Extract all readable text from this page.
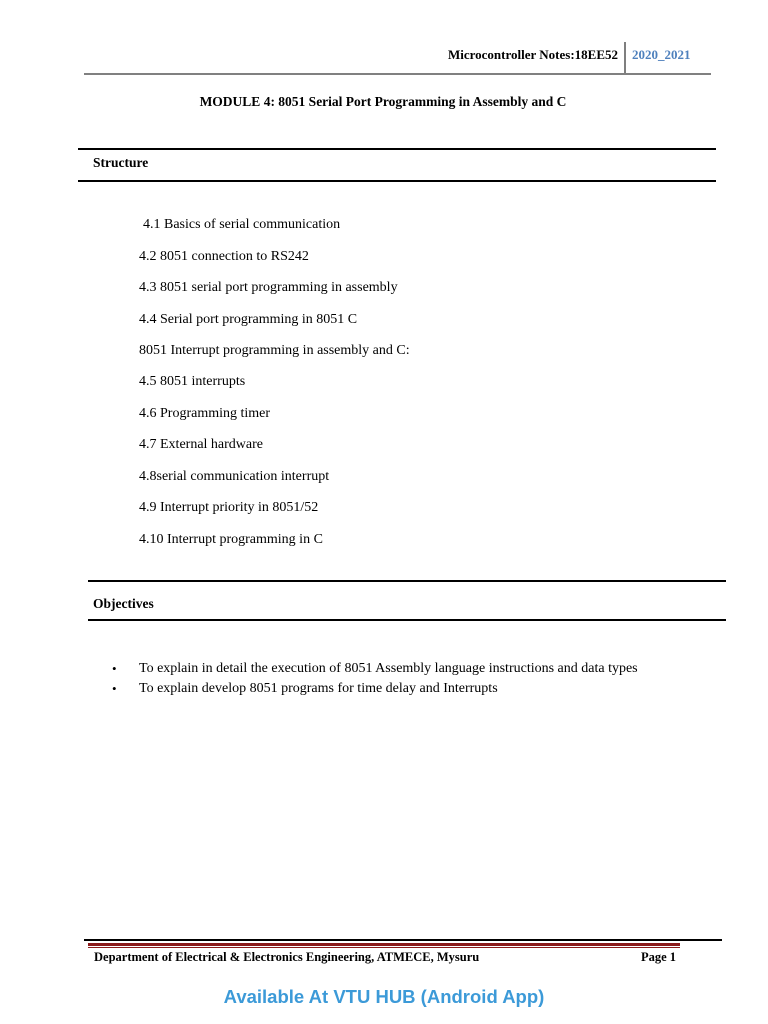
Microcontroller Notes:18EE52 2020_2021
MODULE 4: 8051 Serial Port Programming in Assembly and C
Structure
4.1 Basics of serial communication
4.2 8051 connection to RS242
4.3 8051 serial port programming in assembly
4.4 Serial port programming in 8051 C
8051 Interrupt programming in assembly and C:
4.5 8051 interrupts
4.6 Programming timer
4.7 External hardware
4.8serial communication interrupt
4.9 Interrupt priority in 8051/52
4.10 Interrupt programming in C
Objectives
• To explain in detail the execution of 8051 Assembly language instructions and data types
• To explain develop 8051 programs for time delay and Interrupts
Department of Electrical & Electronics Engineering, ATMECE, Mysuru	Page 1
Available At VTU HUB (Android App)
